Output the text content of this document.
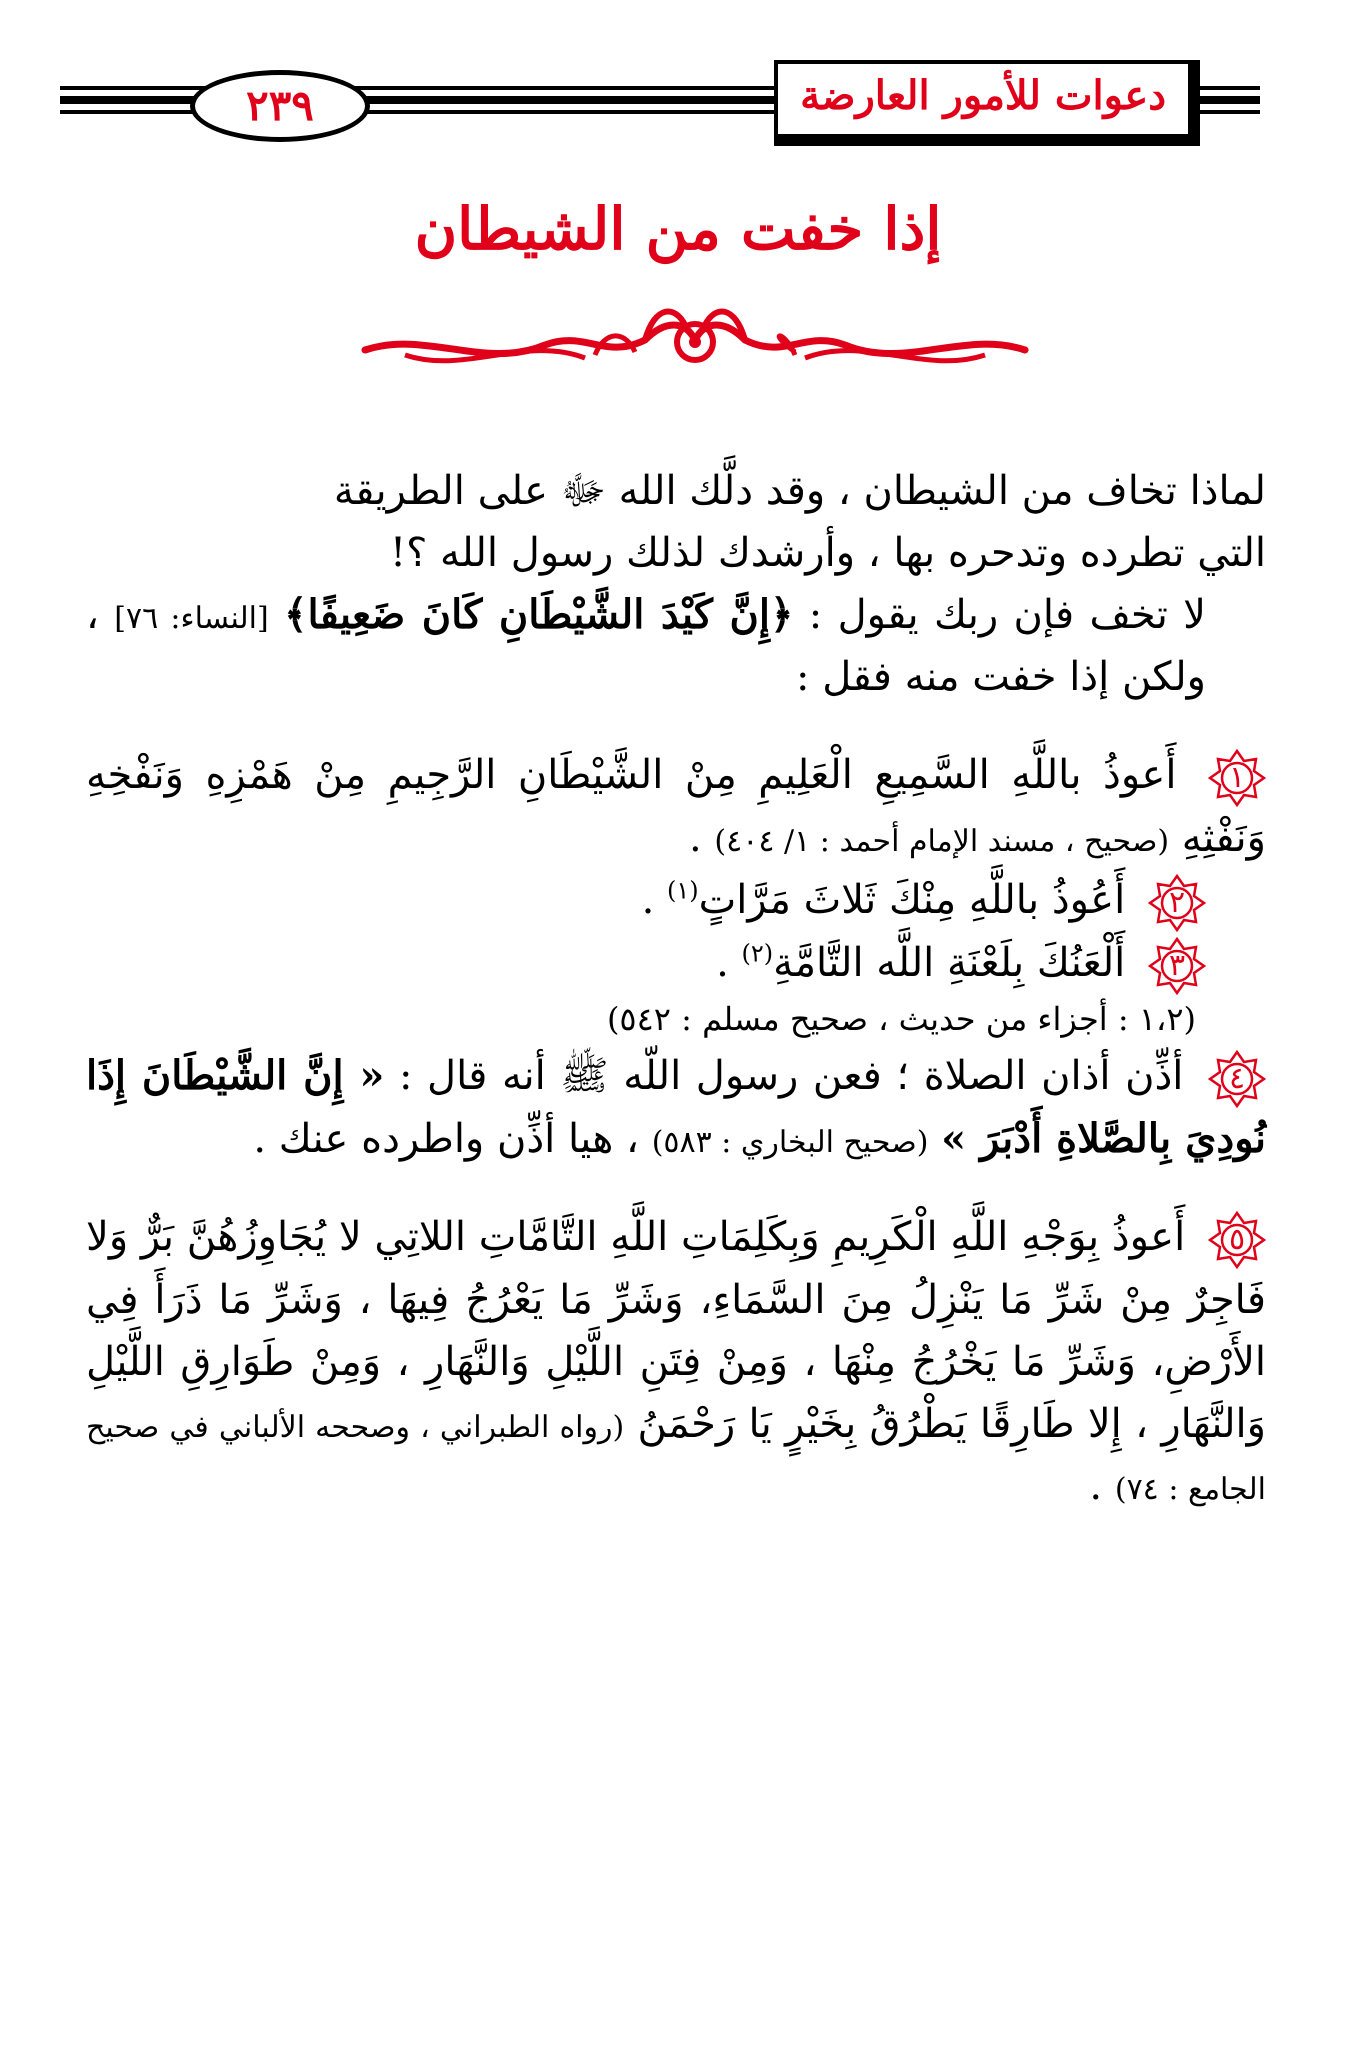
٢٣٩	دعوات للأمور العارضة
إذا خفت من الشيطان

لماذا تخاف من الشيطان ، وقد دلَّك الله ﷻ على الطريقة

التي تطرده وتدحره بها ، وأرشدك لذلك رسول الله ؟!

لا تخف فإن ربك يقول : ﴿إِنَّ كَيْدَ الشَّيْطَانِ كَانَ ضَعِيفًا﴾ [النساء: ٧٦] ، ولكن إذا خفت منه فقل :

١
أَعوذُ باللَّهِ السَّمِيعِ الْعَلِيمِ مِنْ الشَّيْطَانِ الرَّجِيمِ مِنْ هَمْزِهِ وَنَفْخِهِ وَنَفْثِهِ (صحيح ، مسند الإمام أحمد : ١/ ٤٠٤) .

٢
أَعُوذُ باللَّهِ مِنْكَ ثَلاثَ مَرَّاتٍ$^{(١)}$ .

٣
أَلْعَنُكَ بِلَعْنَةِ اللَّه التَّامَّةِ$^{(٢)}$ .

(١،٢ : أجزاء من حديث ، صحيح مسلم : ٥٤٢)

٤
أذِّن أذان الصلاة ؛ فعن رسول اللّه ﷺ أنه قال : « إِنَّ الشَّيْطَانَ إِذَا نُودِيَ بِالصَّلاةِ أَدْبَرَ » (صحيح البخاري : ٥٨٣) ، هيا أذِّن واطرده عنك .

٥
أَعوذُ بِوَجْهِ اللَّهِ الْكَرِيمِ وَبِكَلِمَاتِ اللَّهِ التَّامَّاتِ اللاتِي لا يُجَاوِزُهُنَّ بَرٌّ وَلا فَاجِرٌ مِنْ شَرِّ مَا يَنْزِلُ مِنَ السَّمَاءِ، وَشَرِّ مَا يَعْرُجُ فِيهَا ، وَشَرِّ مَا ذَرَأَ فِي الأَرْضِ، وَشَرِّ مَا يَخْرُجُ مِنْهَا ، وَمِنْ فِتَنِ اللَّيْلِ وَالنَّهَارِ ، وَمِنْ طَوَارِقِ اللَّيْلِ وَالنَّهَارِ ، إِلا طَارِقًا يَطْرُقُ بِخَيْرٍ يَا رَحْمَنُ (رواه الطبراني ، وصححه الألباني في صحيح الجامع : ٧٤) .
